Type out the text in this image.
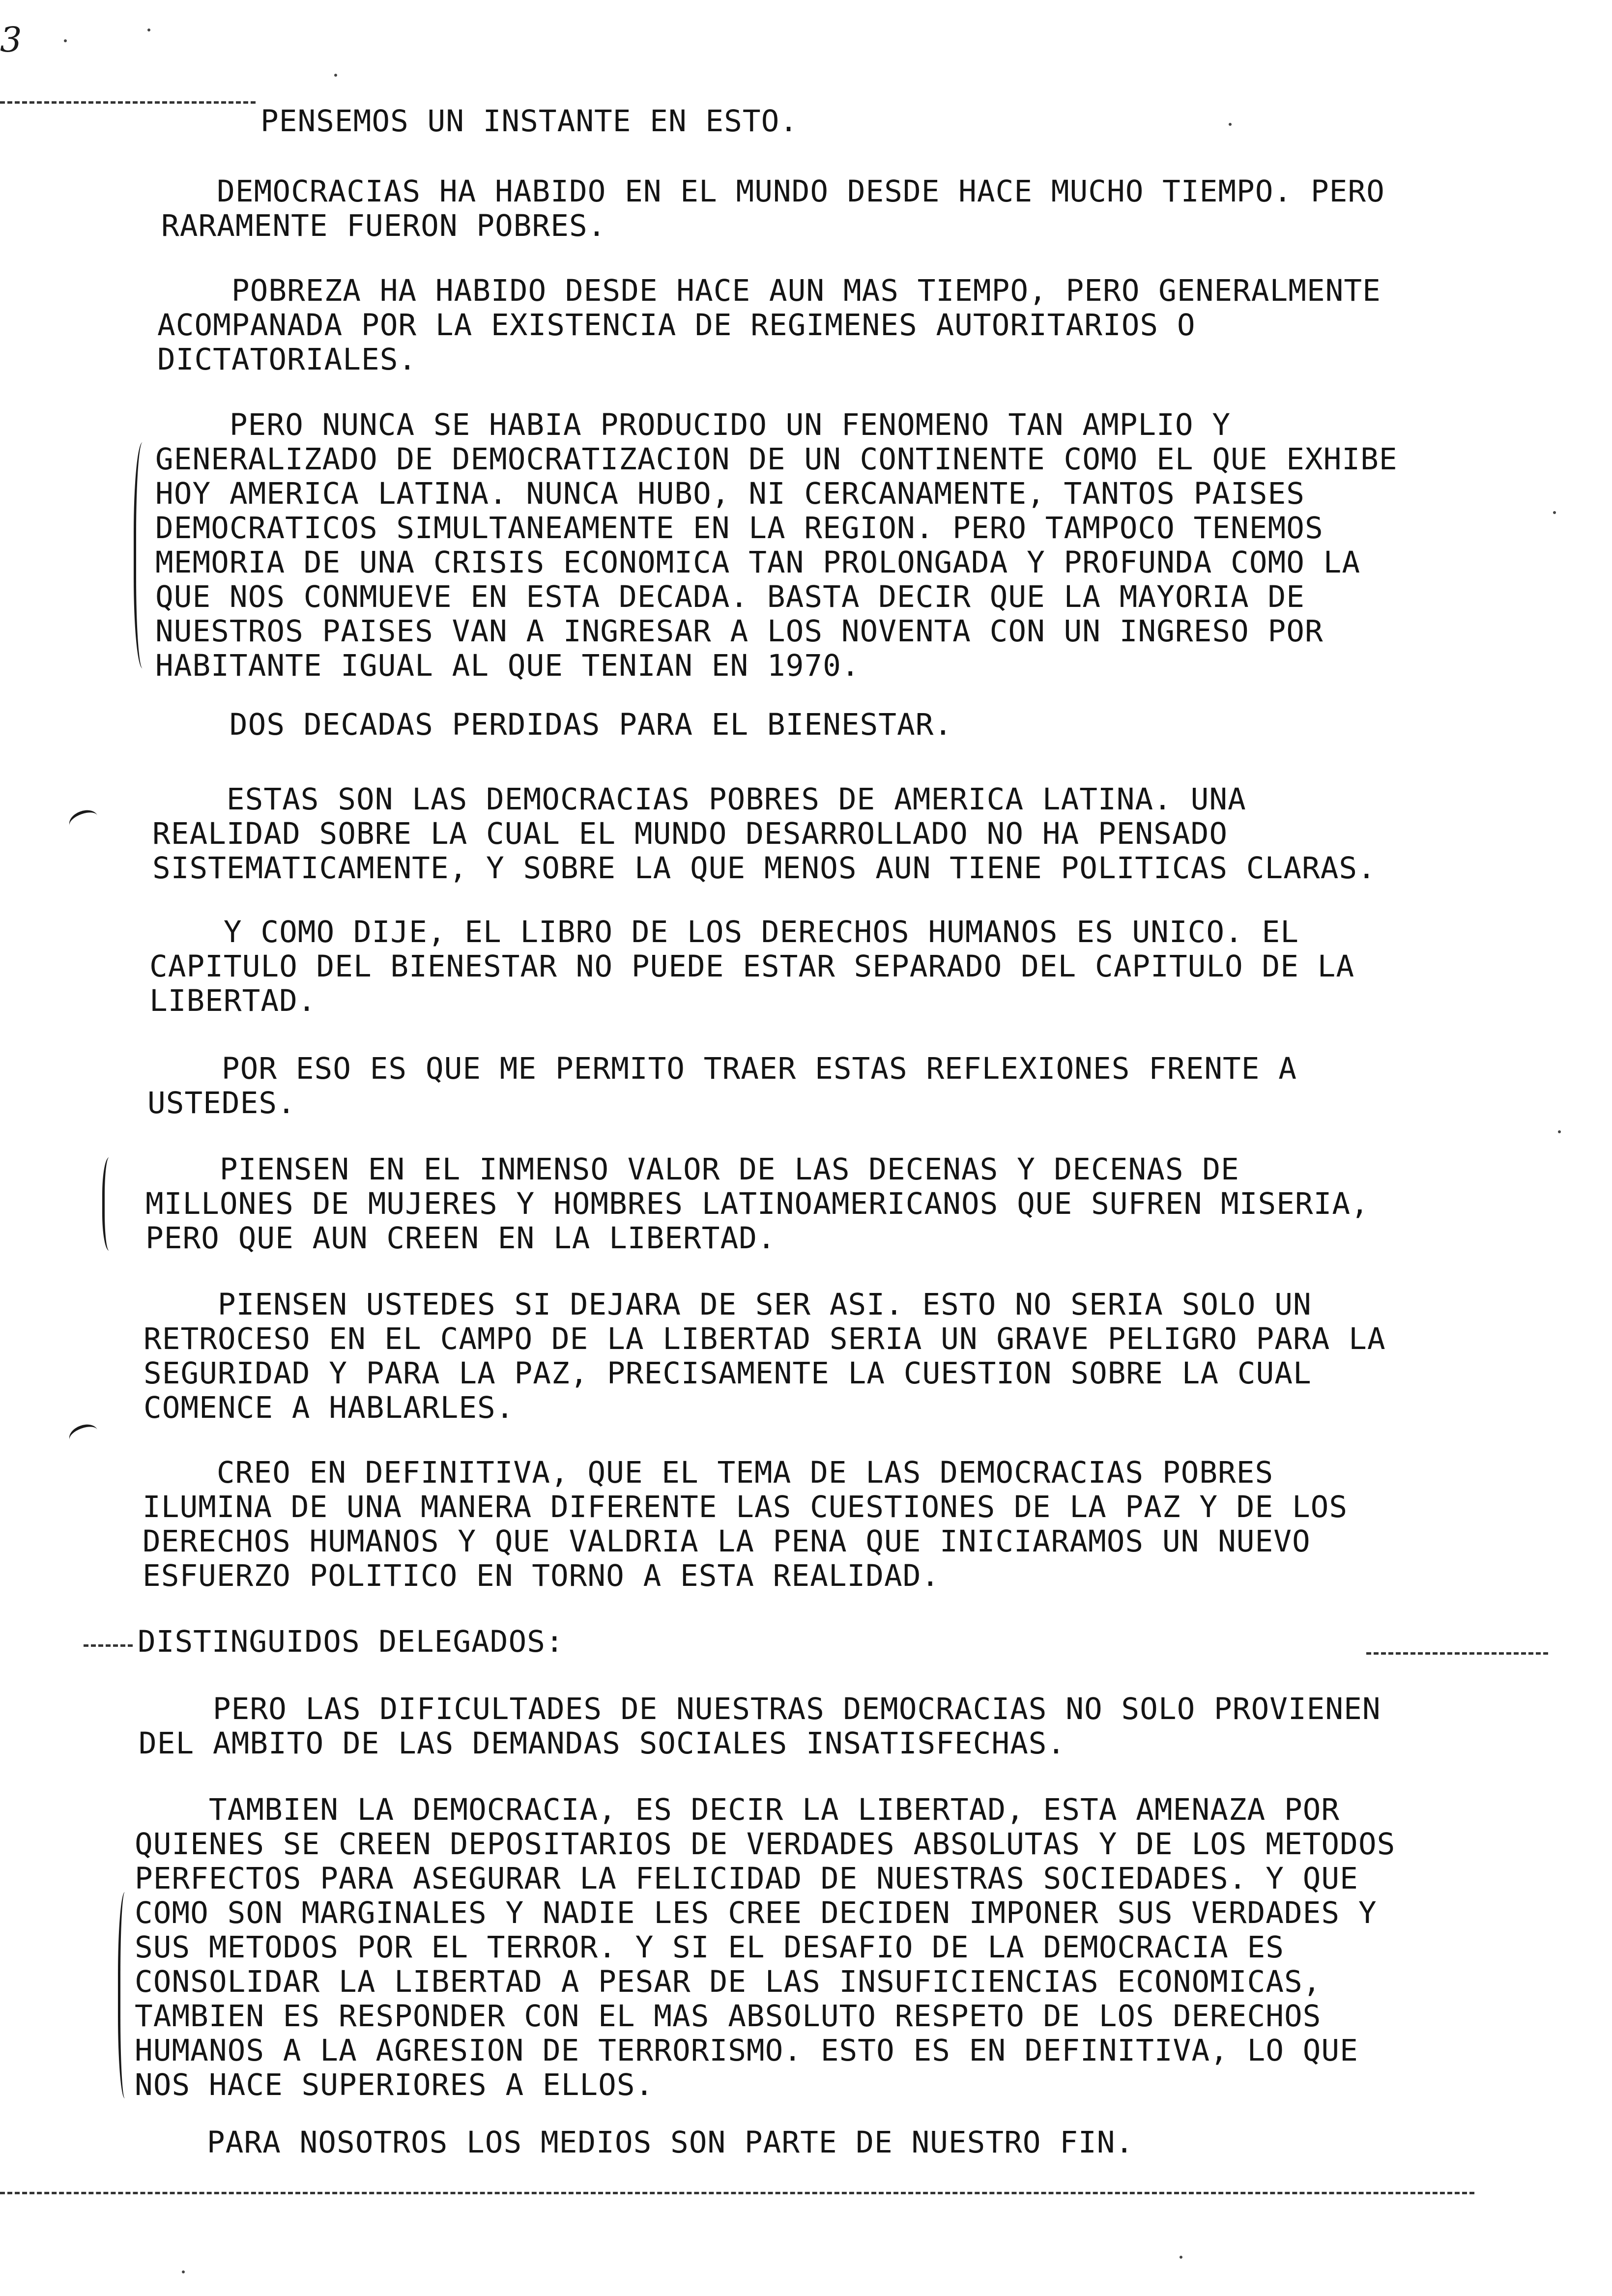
3

PENSEMOS UN INSTANTE EN ESTO.

DEMOCRACIAS HA HABIDO EN EL MUNDO DESDE HACE MUCHO TIEMPO. PERO
RARAMENTE FUERON POBRES.

POBREZA HA HABIDO DESDE HACE AUN MAS TIEMPO, PERO GENERALMENTE
ACOMPANADA POR LA EXISTENCIA DE REGIMENES AUTORITARIOS O
DICTATORIALES.

PERO NUNCA SE HABIA PRODUCIDO UN FENOMENO TAN AMPLIO Y
GENERALIZADO DE DEMOCRATIZACION DE UN CONTINENTE COMO EL QUE EXHIBE
HOY AMERICA LATINA. NUNCA HUBO, NI CERCANAMENTE, TANTOS PAISES
DEMOCRATICOS SIMULTANEAMENTE EN LA REGION. PERO TAMPOCO TENEMOS
MEMORIA DE UNA CRISIS ECONOMICA TAN PROLONGADA Y PROFUNDA COMO LA
QUE NOS CONMUEVE EN ESTA DECADA. BASTA DECIR QUE LA MAYORIA DE
NUESTROS PAISES VAN A INGRESAR A LOS NOVENTA CON UN INGRESO POR
HABITANTE IGUAL AL QUE TENIAN EN 1970.

DOS DECADAS PERDIDAS PARA EL BIENESTAR.

ESTAS SON LAS DEMOCRACIAS POBRES DE AMERICA LATINA. UNA
REALIDAD SOBRE LA CUAL EL MUNDO DESARROLLADO NO HA PENSADO
SISTEMATICAMENTE, Y SOBRE LA QUE MENOS AUN TIENE POLITICAS CLARAS.

Y COMO DIJE, EL LIBRO DE LOS DERECHOS HUMANOS ES UNICO. EL
CAPITULO DEL BIENESTAR NO PUEDE ESTAR SEPARADO DEL CAPITULO DE LA
LIBERTAD.

POR ESO ES QUE ME PERMITO TRAER ESTAS REFLEXIONES FRENTE A
USTEDES.

PIENSEN EN EL INMENSO VALOR DE LAS DECENAS Y DECENAS DE
MILLONES DE MUJERES Y HOMBRES LATINOAMERICANOS QUE SUFREN MISERIA,
PERO QUE AUN CREEN EN LA LIBERTAD.

PIENSEN USTEDES SI DEJARA DE SER ASI. ESTO NO SERIA SOLO UN
RETROCESO EN EL CAMPO DE LA LIBERTAD SERIA UN GRAVE PELIGRO PARA LA
SEGURIDAD Y PARA LA PAZ, PRECISAMENTE LA CUESTION SOBRE LA CUAL
COMENCE A HABLARLES.

CREO EN DEFINITIVA, QUE EL TEMA DE LAS DEMOCRACIAS POBRES
ILUMINA DE UNA MANERA DIFERENTE LAS CUESTIONES DE LA PAZ Y DE LOS
DERECHOS HUMANOS Y QUE VALDRIA LA PENA QUE INICIARAMOS UN NUEVO
ESFUERZO POLITICO EN TORNO A ESTA REALIDAD.

DISTINGUIDOS DELEGADOS:

PERO LAS DIFICULTADES DE NUESTRAS DEMOCRACIAS NO SOLO PROVIENEN
DEL AMBITO DE LAS DEMANDAS SOCIALES INSATISFECHAS.

TAMBIEN LA DEMOCRACIA, ES DECIR LA LIBERTAD, ESTA AMENAZA POR
QUIENES SE CREEN DEPOSITARIOS DE VERDADES ABSOLUTAS Y DE LOS METODOS
PERFECTOS PARA ASEGURAR LA FELICIDAD DE NUESTRAS SOCIEDADES. Y QUE
COMO SON MARGINALES Y NADIE LES CREE DECIDEN IMPONER SUS VERDADES Y
SUS METODOS POR EL TERROR. Y SI EL DESAFIO DE LA DEMOCRACIA ES
CONSOLIDAR LA LIBERTAD A PESAR DE LAS INSUFICIENCIAS ECONOMICAS,
TAMBIEN ES RESPONDER CON EL MAS ABSOLUTO RESPETO DE LOS DERECHOS
HUMANOS A LA AGRESION DE TERRORISMO. ESTO ES EN DEFINITIVA, LO QUE
NOS HACE SUPERIORES A ELLOS.

PARA NOSOTROS LOS MEDIOS SON PARTE DE NUESTRO FIN.
